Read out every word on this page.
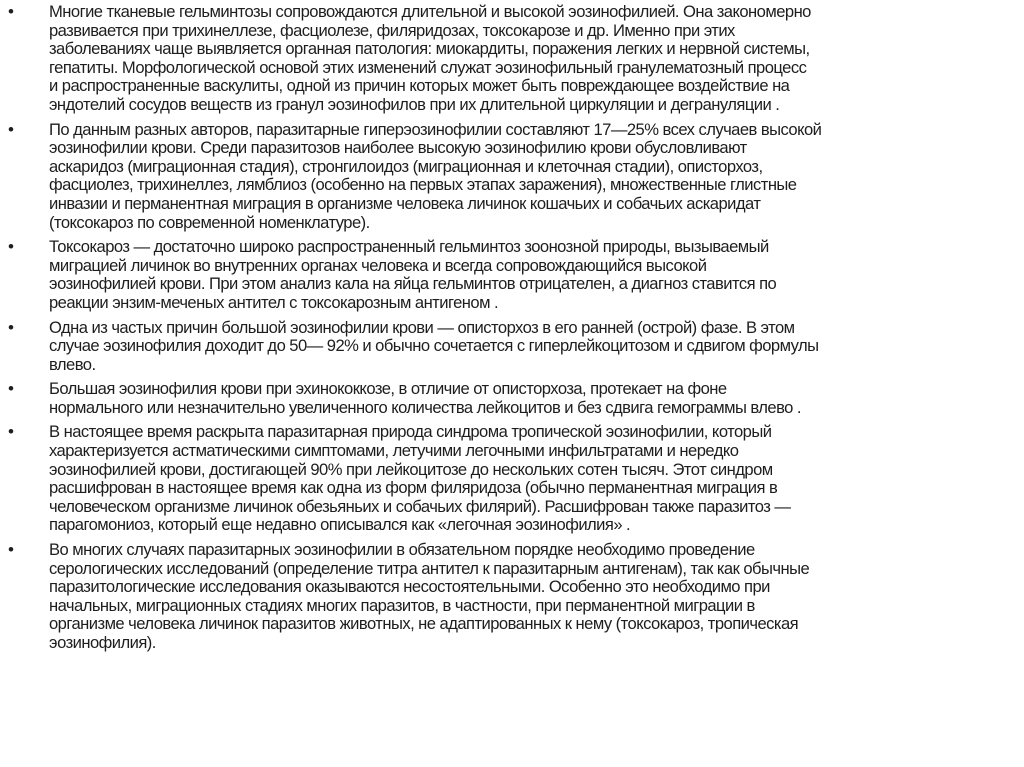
•	Многие тканевые гельминтозы сопровождаются длительной и высокой эозинофилией. Она закономерно
развивается при трихинеллезе, фасциолезе, филяридозах, токсокарозе и др. Именно при этих
заболеваниях чаще выявляется органная патология: миокардиты, поражения легких и нервной системы,
гепатиты. Морфологической основой этих изменений служат эозинофильный гранулематозный процесс
и распространенные васкулиты, одной из причин которых может быть повреждающее воздействие на
эндотелий сосудов веществ из гранул эозинофилов при их длительной циркуляции и дегрануляции .
•	По данным разных авторов, паразитарные гиперэозинофилии составляют 17—25% всех случаев высокой
эозинофилии крови. Среди паразитозов наиболее высокую эозинофилию крови обусловливают
аскаридоз (миграционная стадия), стронгилоидоз (миграционная и клеточная стадии), описторхоз,
фасциолез, трихинеллез, лямблиоз (особенно на первых этапах заражения), множественные глистные
инвазии и перманентная миграция в организме человека личинок кошачьих и собачьих аскаридат
(токсокароз по современной номенклатуре).
•	Токсокароз — достаточно широко распространенный гельминтоз зоонозной природы, вызываемый
миграцией личинок во внутренних органах человека и всегда сопровождающийся высокой
эозинофилией крови. При этом анализ кала на яйца гельминтов отрицателен, а диагноз ставится по
реакции энзим-меченых антител с токсокарозным антигеном .
•	Одна из частых причин большой эозинофилии крови — описторхоз в его ранней (острой) фазе. В этом
случае эозинофилия доходит до 50— 92% и обычно сочетается с гиперлейкоцитозом и сдвигом формулы
влево.
•	Большая эозинофилия крови при эхинококкозе, в отличие от описторхоза, протекает на фоне
нормального или незначительно увеличенного количества лейкоцитов и без сдвига гемограммы влево .
•	В настоящее время раскрыта паразитарная природа синдрома тропической эозинофилии, который
характеризуется астматическими симптомами, летучими легочными инфильтратами и нередко
эозинофилией крови, достигающей 90% при лейкоцитозе до нескольких сотен тысяч. Этот синдром
расшифрован в настоящее время как одна из форм филяридоза (обычно перманентная миграция в
человеческом организме личинок обезьяньих и собачьих филярий). Расшифрован также паразитоз —
парагомониоз, который еще недавно описывался как «легочная эозинофилия» .
•	Во многих случаях паразитарных эозинофилии в обязательном порядке необходимо проведение
серологических исследований (определение титра антител к паразитарным антигенам), так как обычные
паразитологические исследования оказываются несостоятельными. Особенно это необходимо при
начальных, миграционных стадиях многих паразитов, в частности, при перманентной миграции в
организме человека личинок паразитов животных, не адаптированных к нему (токсокароз, тропическая
эозинофилия).
